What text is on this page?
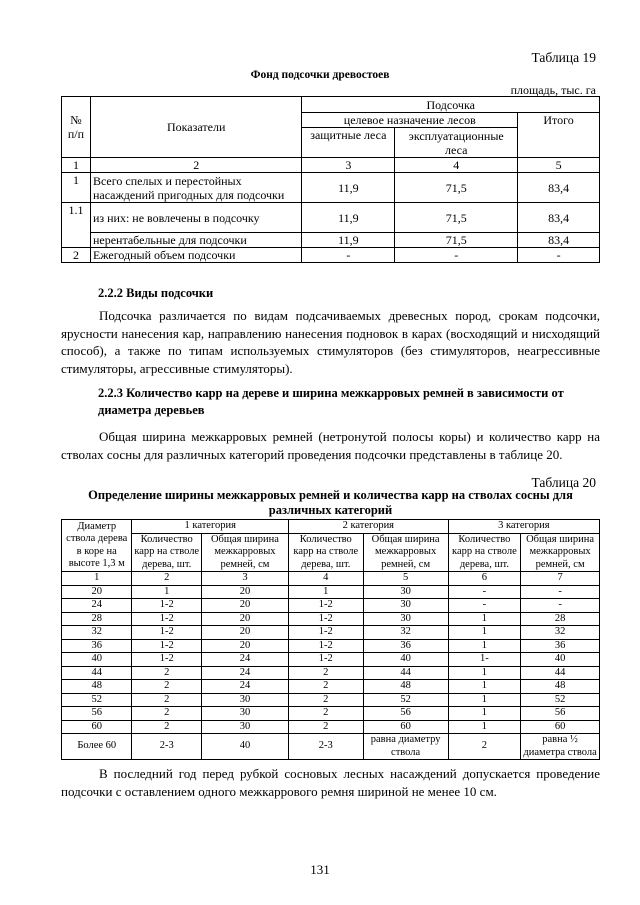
Таблица 19
Фонд подсочки древостоев
площадь, тыс. га
№ п/п	Показатели	Подсочка		
		целевое назначение лесов		Итого
		защитные леса	эксплуатационные леса	
1	2	3	4	5
1	Всего спелых и перестойных насаждений пригодных для подсочки	11,9	71,5	83,4
1.1	из них: не вовлечены в подсочку	11,9	71,5	83,4
	нерентабельные для подсочки	11,9	71,5	83,4
2	Ежегодный объем подсочки	-	-	-
2.2.2 Виды подсочки
Подсочка различается по видам подсачиваемых древесных пород, срокам подсочки, ярусности нанесения кар, направлению нанесения подновок в карах (восходящий и нисходящий способ), а также по типам используемых стимуляторов (без стимуляторов, неагрессивные стимуляторы, агрессивные стимуляторы).
2.2.3 Количество карр на дереве и ширина межкарровых ремней в зависимости от диаметра деревьев
Общая ширина межкарровых ремней (нетронутой полосы коры) и количество карр на стволах сосны для различных категорий проведения подсочки представлены в таблице 20.
Таблица 20
Определение ширины межкарровых ремней и количества карр на стволах сосны для различных категорий
Диаметр ствола дерева в коре на высоте 1,3 м	1 категория		2 категория		3 категория	
	Количество карр на стволе дерева, шт.	Общая ширина межкарровых ремней, см	Количество карр на стволе дерева, шт.	Общая ширина межкарровых ремней, см	Количество карр на стволе дерева, шт.	Общая ширина межкарровых ремней, см
1	2	3	4	5	6	7
20	1	20	1	30	-	-
24	1-2	20	1-2	30	-	-
28	1-2	20	1-2	30	1	28
32	1-2	20	1-2	32	1	32
36	1-2	20	1-2	36	1	36
40	1-2	24	1-2	40	1-	40
44	2	24	2	44	1	44
48	2	24	2	48	1	48
52	2	30	2	52	1	52
56	2	30	2	56	1	56
60	2	30	2	60	1	60
Более 60	2-3	40	2-3	равна диаметру ствола	2	равна ½ диаметра ствола
В последний год перед рубкой сосновых лесных насаждений допускается проведение подсочки с оставлением одного межкаррового ремня шириной не менее 10 см.
131
